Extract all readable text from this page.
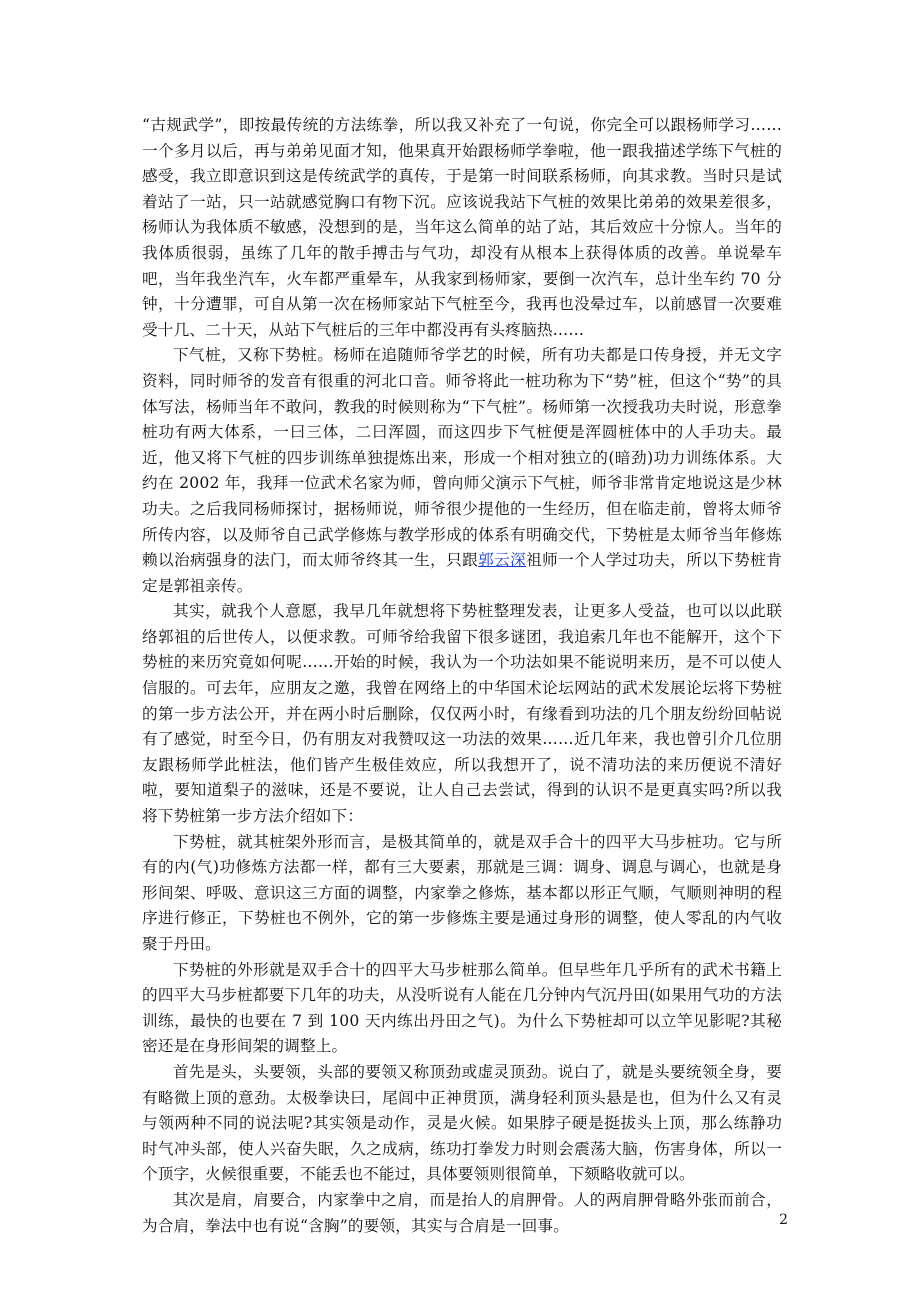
“古规武学”，即按最传统的方法练拳，所以我又补充了一句说，你完全可以跟杨师学习……一个多月以后，再与弟弟见面才知，他果真开始跟杨师学拳啦，他一跟我描述学练下气桩的感受，我立即意识到这是传统武学的真传，于是第一时间联系杨师，向其求教。当时只是试着站了一站，只一站就感觉胸口有物下沉。应该说我站下气桩的效果比弟弟的效果差很多，杨师认为我体质不敏感，没想到的是，当年这么简单的站了站，其后效应十分惊人。当年的我体质很弱，虽练了几年的散手搏击与气功，却没有从根本上获得体质的改善。单说晕车吧，当年我坐汽车，火车都严重晕车，从我家到杨师家，要倒一次汽车，总计坐车约 70 分钟，十分遭罪，可自从第一次在杨师家站下气桩至今，我再也没晕过车，以前感冒一次要难受十几、二十天，从站下气桩后的三年中都没再有头疼脑热……

下气桩，又称下势桩。杨师在追随师爷学艺的时候，所有功夫都是口传身授，并无文字资料，同时师爷的发音有很重的河北口音。师爷将此一桩功称为下“势”桩，但这个“势”的具体写法，杨师当年不敢问，教我的时候则称为“下气桩”。杨师第一次授我功夫时说，形意拳桩功有两大体系，一曰三体，二曰浑圆，而这四步下气桩便是浑圆桩体中的人手功夫。最近，他又将下气桩的四步训练单独提炼出来，形成一个相对独立的(暗劲)功力训练体系。大约在 2002 年，我拜一位武术名家为师，曾向师父演示下气桩，师爷非常肯定地说这是少林功夫。之后我同杨师探讨，据杨师说，师爷很少提他的一生经历，但在临走前，曾将太师爷所传内容，以及师爷自己武学修炼与教学形成的体系有明确交代，下势桩是太师爷当年修炼赖以治病强身的法门，而太师爷终其一生，只跟郭云深祖师一个人学过功夫，所以下势桩肯定是郭祖亲传。

其实，就我个人意愿，我早几年就想将下势桩整理发表，让更多人受益，也可以以此联络郭祖的后世传人，以便求教。可师爷给我留下很多谜团，我追索几年也不能解开，这个下势桩的来历究竟如何呢……开始的时候，我认为一个功法如果不能说明来历，是不可以使人信服的。可去年，应朋友之邀，我曾在网络上的中华国术论坛网站的武术发展论坛将下势桩的第一步方法公开，并在两小时后删除，仅仅两小时，有缘看到功法的几个朋友纷纷回帖说有了感觉，时至今日，仍有朋友对我赞叹这一功法的效果……近几年来，我也曾引介几位朋友跟杨师学此桩法，他们皆产生极佳效应，所以我想开了，说不清功法的来历便说不清好啦，要知道梨子的滋味，还是不要说，让人自己去尝试，得到的认识不是更真实吗?所以我将下势桩第一步方法介绍如下：

下势桩，就其桩架外形而言，是极其简单的，就是双手合十的四平大马步桩功。它与所有的内(气)功修炼方法都一样，都有三大要素，那就是三调：调身、调息与调心，也就是身形间架、呼吸、意识这三方面的调整，内家拳之修炼，基本都以形正气顺，气顺则神明的程序进行修正，下势桩也不例外，它的第一步修炼主要是通过身形的调整，使人零乱的内气收聚于丹田。

下势桩的外形就是双手合十的四平大马步桩那么简单。但早些年几乎所有的武术书籍上的四平大马步桩都要下几年的功夫，从没听说有人能在几分钟内气沉丹田(如果用气功的方法训练，最快的也要在 7 到 100 天内练出丹田之气)。为什么下势桩却可以立竿见影呢?其秘密还是在身形间架的调整上。

首先是头，头要领，头部的要领又称顶劲或虚灵顶劲。说白了，就是头要统领全身，要有略微上顶的意劲。太极拳诀曰，尾闾中正神贯顶，满身轻利顶头悬是也，但为什么又有灵与领两种不同的说法呢?其实领是动作，灵是火候。如果脖子硬是挺拔头上顶，那么练静功时气冲头部，使人兴奋失眠，久之成病，练功打拳发力时则会震荡大脑，伤害身体，所以一个顶字，火候很重要，不能丢也不能过，具体要领则很简单，下颏略收就可以。

其次是肩，肩要合，内家拳中之肩，而是抬人的肩胛骨。人的两肩胛骨略外张而前合，为合肩，拳法中也有说“含胸”的要领，其实与合肩是一回事。	2
